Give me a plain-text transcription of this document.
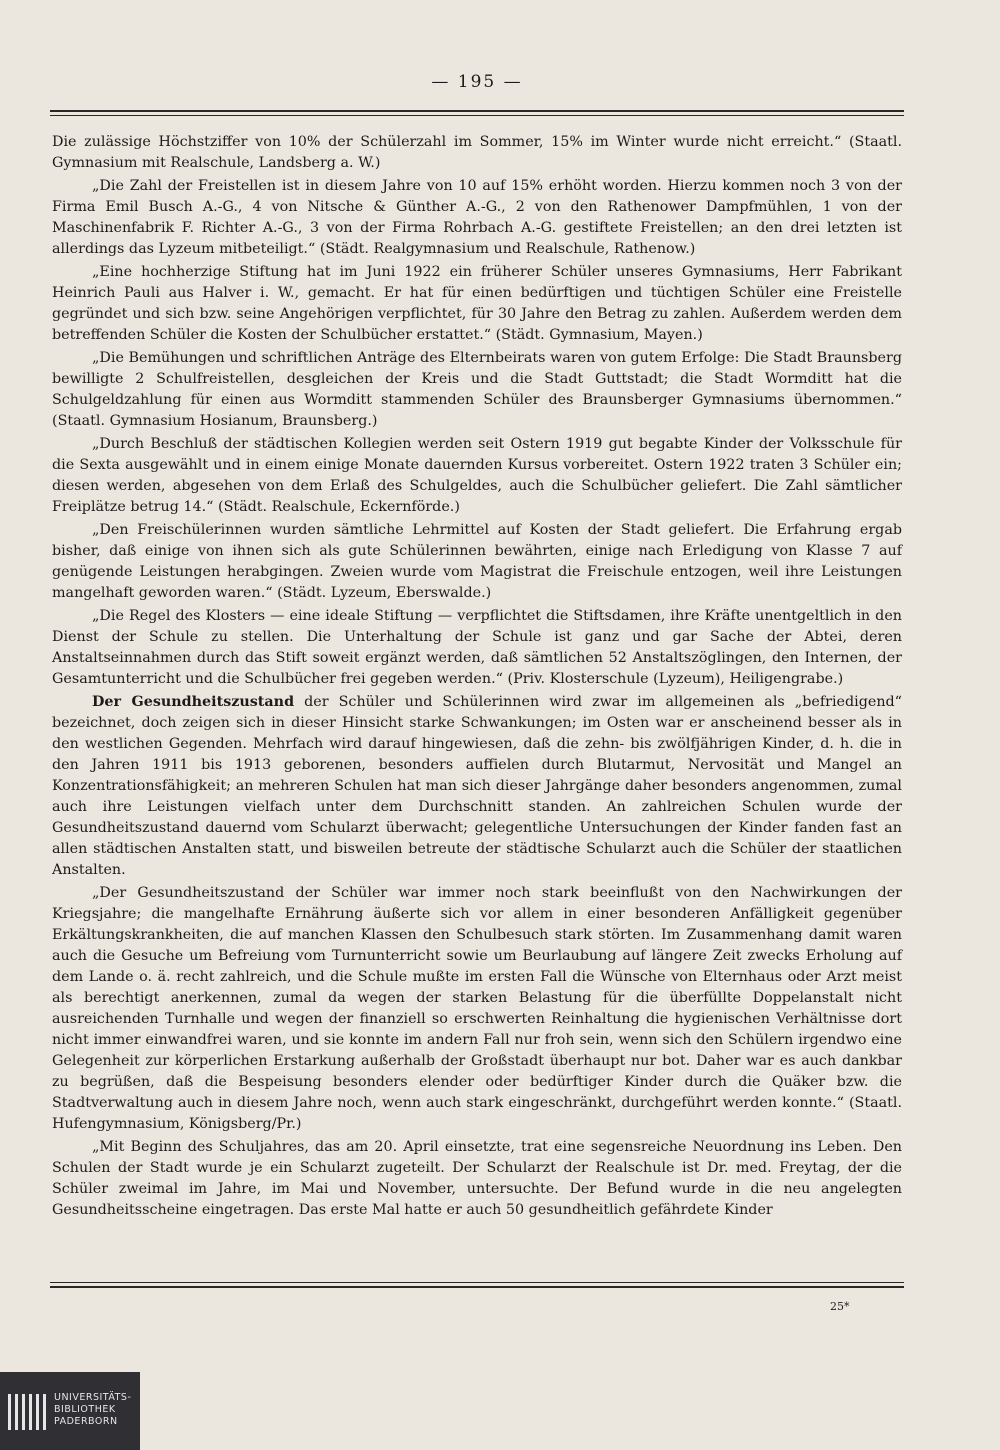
— 195 —

Die zulässige Höchstziffer von 10% der Schülerzahl im Sommer, 15% im Winter wurde nicht erreicht.“ (Staatl. Gymnasium mit Realschule, Landsberg a. W.)

„Die Zahl der Freistellen ist in diesem Jahre von 10 auf 15% erhöht worden. Hierzu kommen noch 3 von der Firma Emil Busch A.-G., 4 von Nitsche & Günther A.-G., 2 von den Rathenower Dampfmühlen, 1 von der Maschinenfabrik F. Richter A.-G., 3 von der Firma Rohrbach A.-G. gestiftete Freistellen; an den drei letzten ist allerdings das Lyzeum mitbeteiligt.“ (Städt. Realgymnasium und Realschule, Rathenow.)

„Eine hochherzige Stiftung hat im Juni 1922 ein früherer Schüler unseres Gymnasiums, Herr Fabrikant Heinrich Pauli aus Halver i. W., gemacht. Er hat für einen bedürftigen und tüchtigen Schüler eine Freistelle gegründet und sich bzw. seine Angehörigen verpflichtet, für 30 Jahre den Betrag zu zahlen. Außerdem werden dem betreffenden Schüler die Kosten der Schulbücher erstattet.“ (Städt. Gymnasium, Mayen.)

„Die Bemühungen und schriftlichen Anträge des Elternbeirats waren von gutem Erfolge: Die Stadt Braunsberg bewilligte 2 Schulfreistellen, desgleichen der Kreis und die Stadt Guttstadt; die Stadt Wormditt hat die Schulgeldzahlung für einen aus Wormditt stammenden Schüler des Braunsberger Gymnasiums übernommen.“ (Staatl. Gymnasium Hosianum, Braunsberg.)

„Durch Beschluß der städtischen Kollegien werden seit Ostern 1919 gut begabte Kinder der Volksschule für die Sexta ausgewählt und in einem einige Monate dauernden Kursus vorbereitet. Ostern 1922 traten 3 Schüler ein; diesen werden, abgesehen von dem Erlaß des Schulgeldes, auch die Schulbücher geliefert. Die Zahl sämtlicher Freiplätze betrug 14.“ (Städt. Realschule, Eckernförde.)

„Den Freischülerinnen wurden sämtliche Lehrmittel auf Kosten der Stadt geliefert. Die Erfahrung ergab bisher, daß einige von ihnen sich als gute Schülerinnen bewährten, einige nach Erledigung von Klasse 7 auf genügende Leistungen herabgingen. Zweien wurde vom Magistrat die Freischule entzogen, weil ihre Leistungen mangelhaft geworden waren.“ (Städt. Lyzeum, Eberswalde.)

„Die Regel des Klosters — eine ideale Stiftung — verpflichtet die Stiftsdamen, ihre Kräfte unentgeltlich in den Dienst der Schule zu stellen. Die Unterhaltung der Schule ist ganz und gar Sache der Abtei, deren Anstaltseinnahmen durch das Stift soweit ergänzt werden, daß sämtlichen 52 Anstaltszöglingen, den Internen, der Gesamtunterricht und die Schulbücher frei gegeben werden.“ (Priv. Klosterschule (Lyzeum), Heiligengrabe.)

Der Gesundheitszustand der Schüler und Schülerinnen wird zwar im allgemeinen als „befriedigend“ bezeichnet, doch zeigen sich in dieser Hinsicht starke Schwankungen; im Osten war er anscheinend besser als in den westlichen Gegenden. Mehrfach wird darauf hingewiesen, daß die zehn- bis zwölfjährigen Kinder, d. h. die in den Jahren 1911 bis 1913 geborenen, besonders auffielen durch Blutarmut, Nervosität und Mangel an Konzentrationsfähigkeit; an mehreren Schulen hat man sich dieser Jahrgänge daher besonders angenommen, zumal auch ihre Leistungen vielfach unter dem Durchschnitt standen. An zahlreichen Schulen wurde der Gesundheitszustand dauernd vom Schularzt überwacht; gelegentliche Untersuchungen der Kinder fanden fast an allen städtischen Anstalten statt, und bisweilen betreute der städtische Schularzt auch die Schüler der staatlichen Anstalten.

„Der Gesundheitszustand der Schüler war immer noch stark beeinflußt von den Nachwirkungen der Kriegsjahre; die mangelhafte Ernährung äußerte sich vor allem in einer besonderen Anfälligkeit gegenüber Erkältungskrankheiten, die auf manchen Klassen den Schulbesuch stark störten. Im Zusammenhang damit waren auch die Gesuche um Befreiung vom Turnunterricht sowie um Beurlaubung auf längere Zeit zwecks Erholung auf dem Lande o. ä. recht zahlreich, und die Schule mußte im ersten Fall die Wünsche von Elternhaus oder Arzt meist als berechtigt anerkennen, zumal da wegen der starken Belastung für die überfüllte Doppelanstalt nicht ausreichenden Turnhalle und wegen der finanziell so erschwerten Reinhaltung die hygienischen Verhältnisse dort nicht immer einwandfrei waren, und sie konnte im andern Fall nur froh sein, wenn sich den Schülern irgendwo eine Gelegenheit zur körperlichen Erstarkung außerhalb der Großstadt überhaupt nur bot. Daher war es auch dankbar zu begrüßen, daß die Bespeisung besonders elender oder bedürftiger Kinder durch die Quäker bzw. die Stadtverwaltung auch in diesem Jahre noch, wenn auch stark eingeschränkt, durchgeführt werden konnte.“ (Staatl. Hufengymnasium, Königsberg/Pr.)

„Mit Beginn des Schuljahres, das am 20. April einsetzte, trat eine segensreiche Neuordnung ins Leben. Den Schulen der Stadt wurde je ein Schularzt zugeteilt. Der Schularzt der Realschule ist Dr. med. Freytag, der die Schüler zweimal im Jahre, im Mai und November, untersuchte. Der Befund wurde in die neu angelegten Gesundheitsscheine eingetragen. Das erste Mal hatte er auch 50 gesundheitlich gefährdete Kinder

25*
UNIVERSITÄTS-
BIBLIOTHEK
PADERBORN
